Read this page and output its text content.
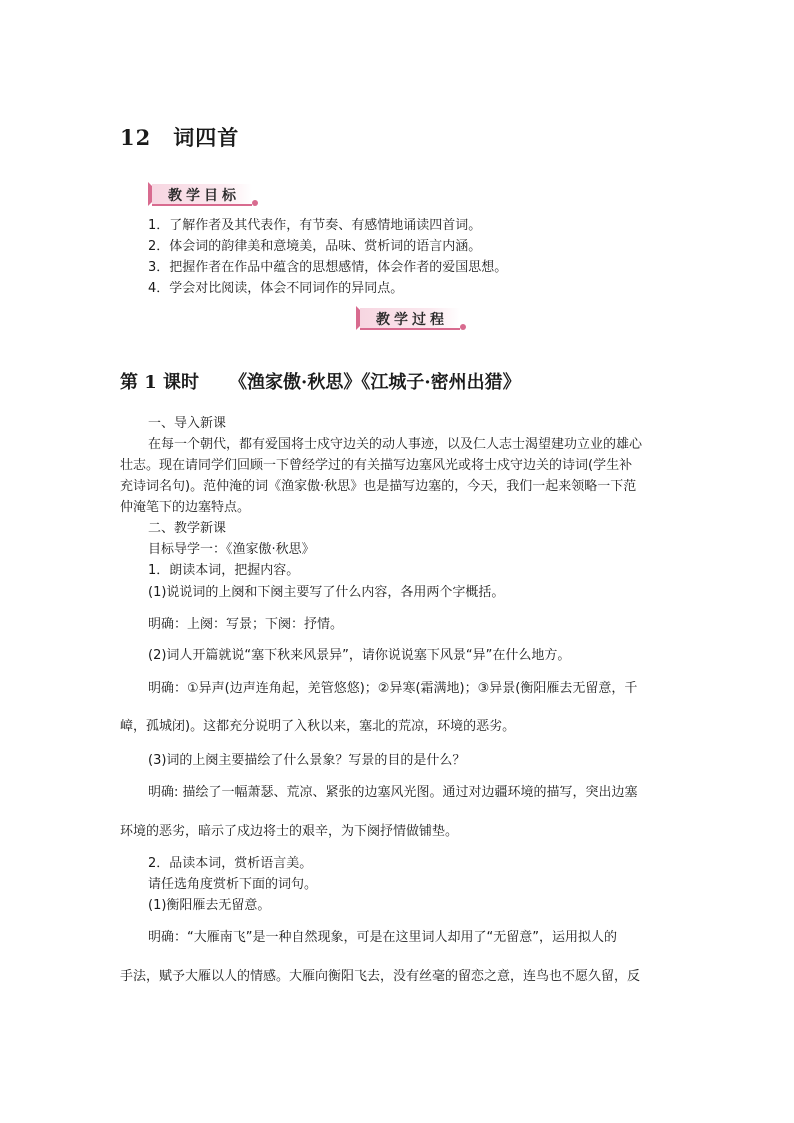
12 词四首
教学目标
1．了解作者及其代表作，有节奏、有感情地诵读四首词。
2．体会词的韵律美和意境美，品味、赏析词的语言内涵。
3．把握作者在作品中蕴含的思想感情，体会作者的爱国思想。
4．学会对比阅读，体会不同词作的异同点。
教学过程
第 1 课时 《渔家傲·秋思》《江城子·密州出猎》
一、导入新课
在每一个朝代，都有爱国将士戍守边关的动人事迹，以及仁人志士渴望建功立业的雄心
壮志。现在请同学们回顾一下曾经学过的有关描写边塞风光或将士戍守边关的诗词(学生补
充诗词名句)。范仲淹的词《渔家傲·秋思》也是描写边塞的，今天，我们一起来领略一下范
仲淹笔下的边塞特点。
二、教学新课
目标导学一：《渔家傲·秋思》
1．朗读本词，把握内容。
(1)说说词的上阕和下阕主要写了什么内容，各用两个字概括。
明确：上阕：写景；下阕：抒情。
(2)词人开篇就说“塞下秋来风景异”，请你说说塞下风景“异”在什么地方。
明确：①异声(边声连角起，羌管悠悠)；②异寒(霜满地)；③异景(衡阳雁去无留意，千
嶂，孤城闭)。这都充分说明了入秋以来，塞北的荒凉，环境的恶劣。
(3)词的上阕主要描绘了什么景象？写景的目的是什么？
明确: 描绘了一幅萧瑟、荒凉、紧张的边塞风光图。通过对边疆环境的描写，突出边塞
环境的恶劣，暗示了戍边将士的艰辛，为下阕抒情做铺垫。
2．品读本词，赏析语言美。
请任选角度赏析下面的词句。
(1)衡阳雁去无留意。
明确：“大雁南飞”是一种自然现象，可是在这里词人却用了“无留意”，运用拟人的
手法，赋予大雁以人的情感。大雁向衡阳飞去，没有丝毫的留恋之意，连鸟也不愿久留，反
